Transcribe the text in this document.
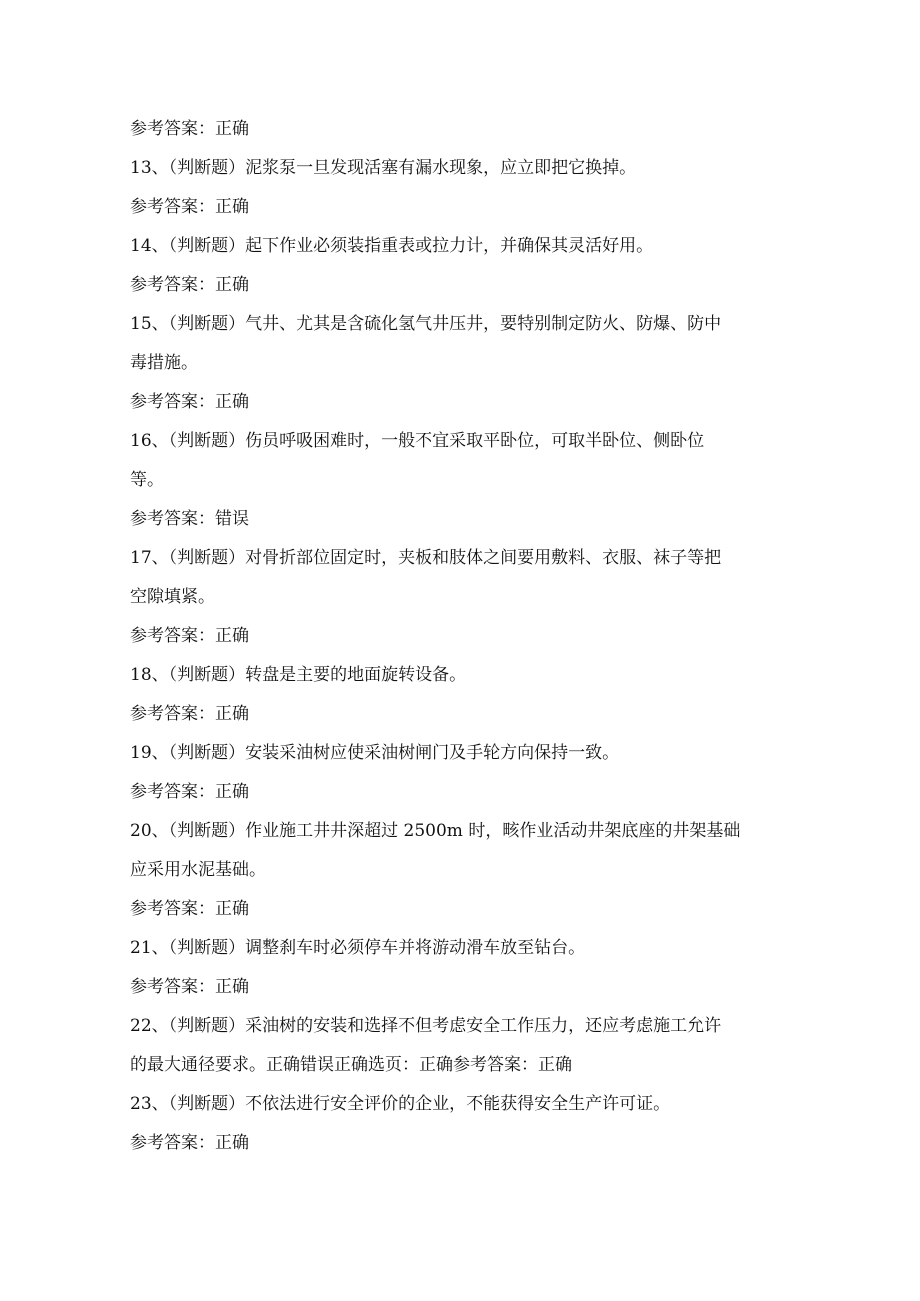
参考答案：正确
13、（判断题）泥浆泵一旦发现活塞有漏水现象，应立即把它换掉。
参考答案：正确
14、（判断题）起下作业必须装指重表或拉力计，并确保其灵活好用。
参考答案：正确
15、（判断题）气井、尤其是含硫化氢气井压井，要特别制定防火、防爆、防中
毒措施。
参考答案：正确
16、（判断题）伤员呼吸困难时，一般不宜采取平卧位，可取半卧位、侧卧位
等。
参考答案：错误
17、（判断题）对骨折部位固定时，夹板和肢体之间要用敷料、衣服、袜子等把
空隙填紧。
参考答案：正确
18、（判断题）转盘是主要的地面旋转设备。
参考答案：正确
19、（判断题）安装采油树应使采油树闸门及手轮方向保持一致。
参考答案：正确
20、（判断题）作业施工井井深超过 2500m 时，畡作业活动井架底座的井架基础
应采用水泥基础。
参考答案：正确
21、（判断题）调整刹车时必须停车并将游动滑车放至钻台。
参考答案：正确
22、（判断题）采油树的安装和选择不但考虑安全工作压力，还应考虑施工允许
的最大通径要求。正确错误正确选页：正确参考答案：正确
23、（判断题）不依法进行安全评价的企业，不能获得安全生产许可证。
参考答案：正确
